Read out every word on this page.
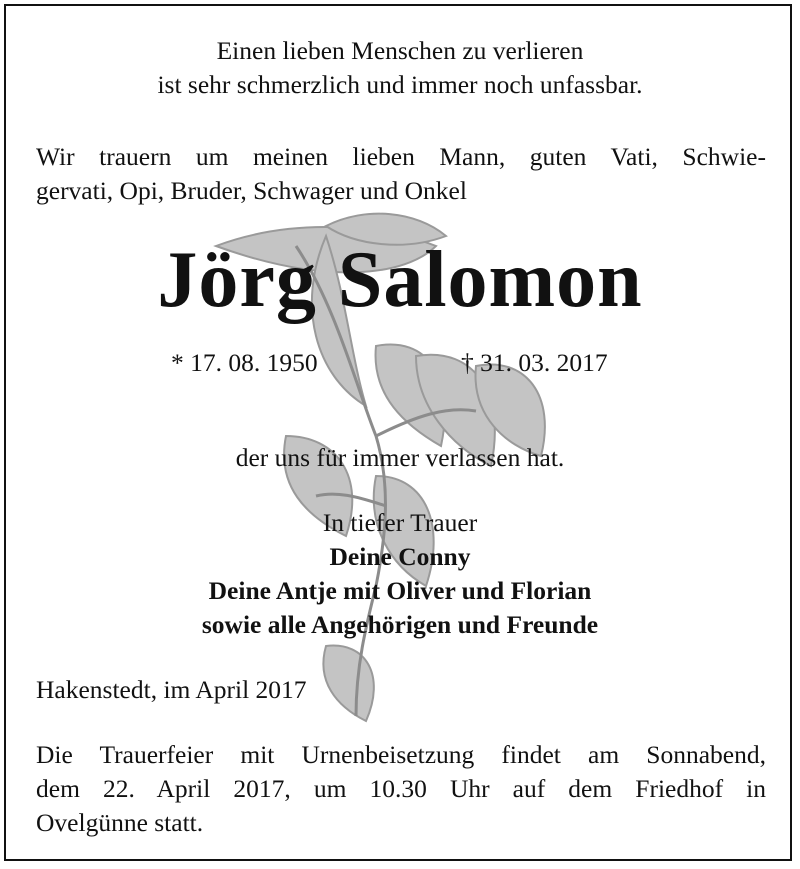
Einen lieben Menschen zu verlieren
ist sehr schmerzlich und immer noch unfassbar.
Wir trauern um meinen lieben Mann, guten Vati, Schwie-
gervati, Opi, Bruder, Schwager und Onkel
Jörg Salomon
* 17. 08. 1950	† 31. 03. 2017
der uns für immer verlassen hat.
In tiefer Trauer
Deine Conny
Deine Antje mit Oliver und Florian
sowie alle Angehörigen und Freunde
Hakenstedt, im April 2017
Die Trauerfeier mit Urnenbeisetzung findet am Sonnabend,
dem 22. April 2017, um 10.30 Uhr auf dem Friedhof in
Ovelgünne statt.
